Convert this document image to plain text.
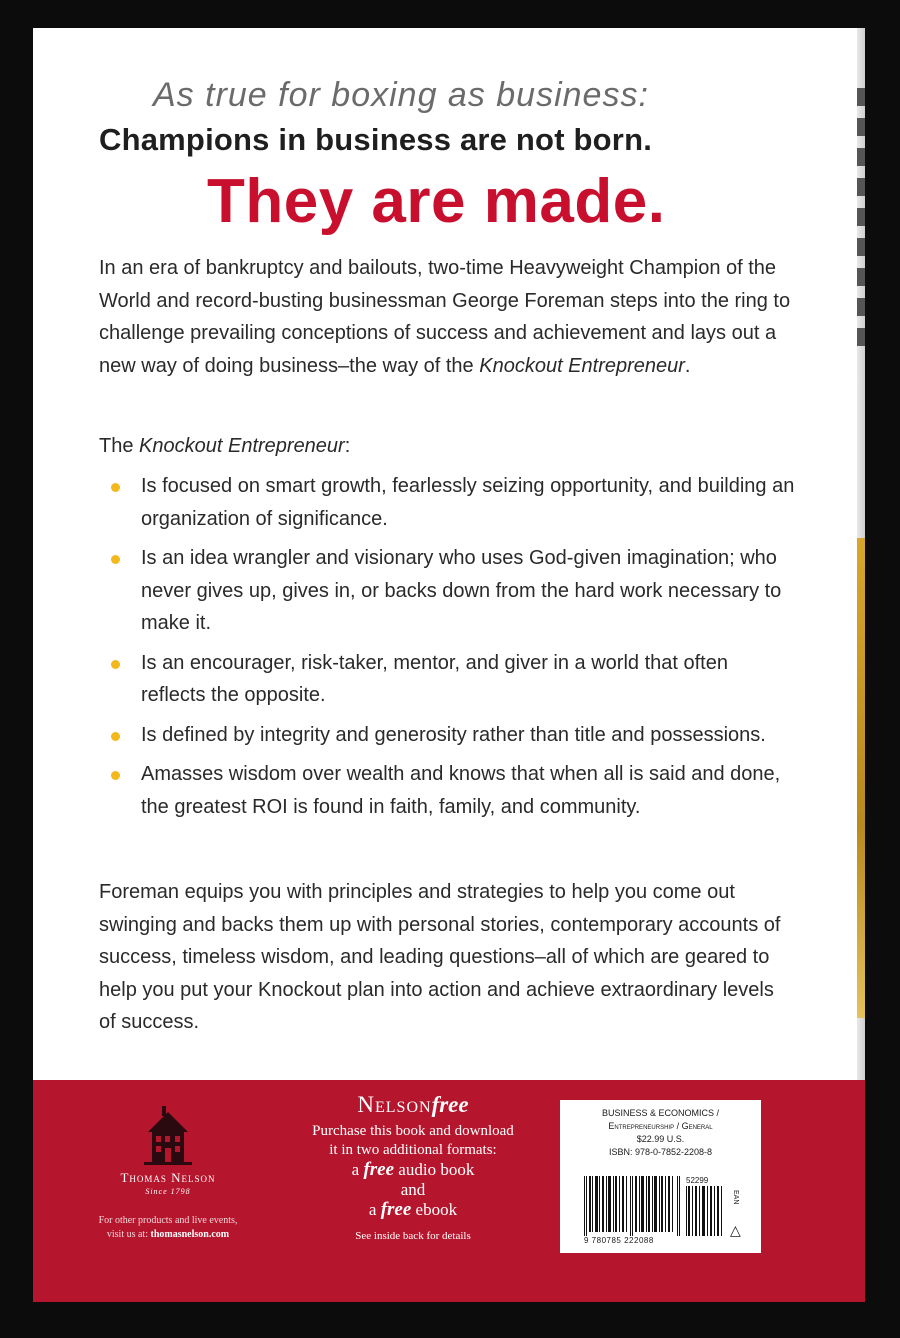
As true for boxing as business:
Champions in business are not born.
They are made.
In an era of bankruptcy and bailouts, two-time Heavyweight Champion of the World and record-busting businessman George Foreman steps into the ring to challenge prevailing conceptions of success and achievement and lays out a new way of doing business–the way of the Knockout Entrepreneur.
The Knockout Entrepreneur:
Is focused on smart growth, fearlessly seizing opportunity, and building an organization of significance.
Is an idea wrangler and visionary who uses God-given imagination; who never gives up, gives in, or backs down from the hard work necessary to make it.
Is an encourager, risk-taker, mentor, and giver in a world that often reflects the opposite.
Is defined by integrity and generosity rather than title and possessions.
Amasses wisdom over wealth and knows that when all is said and done, the greatest ROI is found in faith, family, and community.
Foreman equips you with principles and strategies to help you come out swinging and backs them up with personal stories, contemporary accounts of success, timeless wisdom, and leading questions–all of which are geared to help you put your Knockout plan into action and achieve extraordinary levels of success.
Thomas Nelson
Since 1798
For other products and live events,
visit us at: thomasnelson.com
Nelsonfree
Purchase this book and download
it in two additional formats:
a free audio book
and
a free ebook
See inside back for details
BUSINESS & ECONOMICS /
Entrepreneurship / General
$22.99 U.S.
ISBN: 978-0-7852-2208-8
52299
9 780785 222088
EAN
△
